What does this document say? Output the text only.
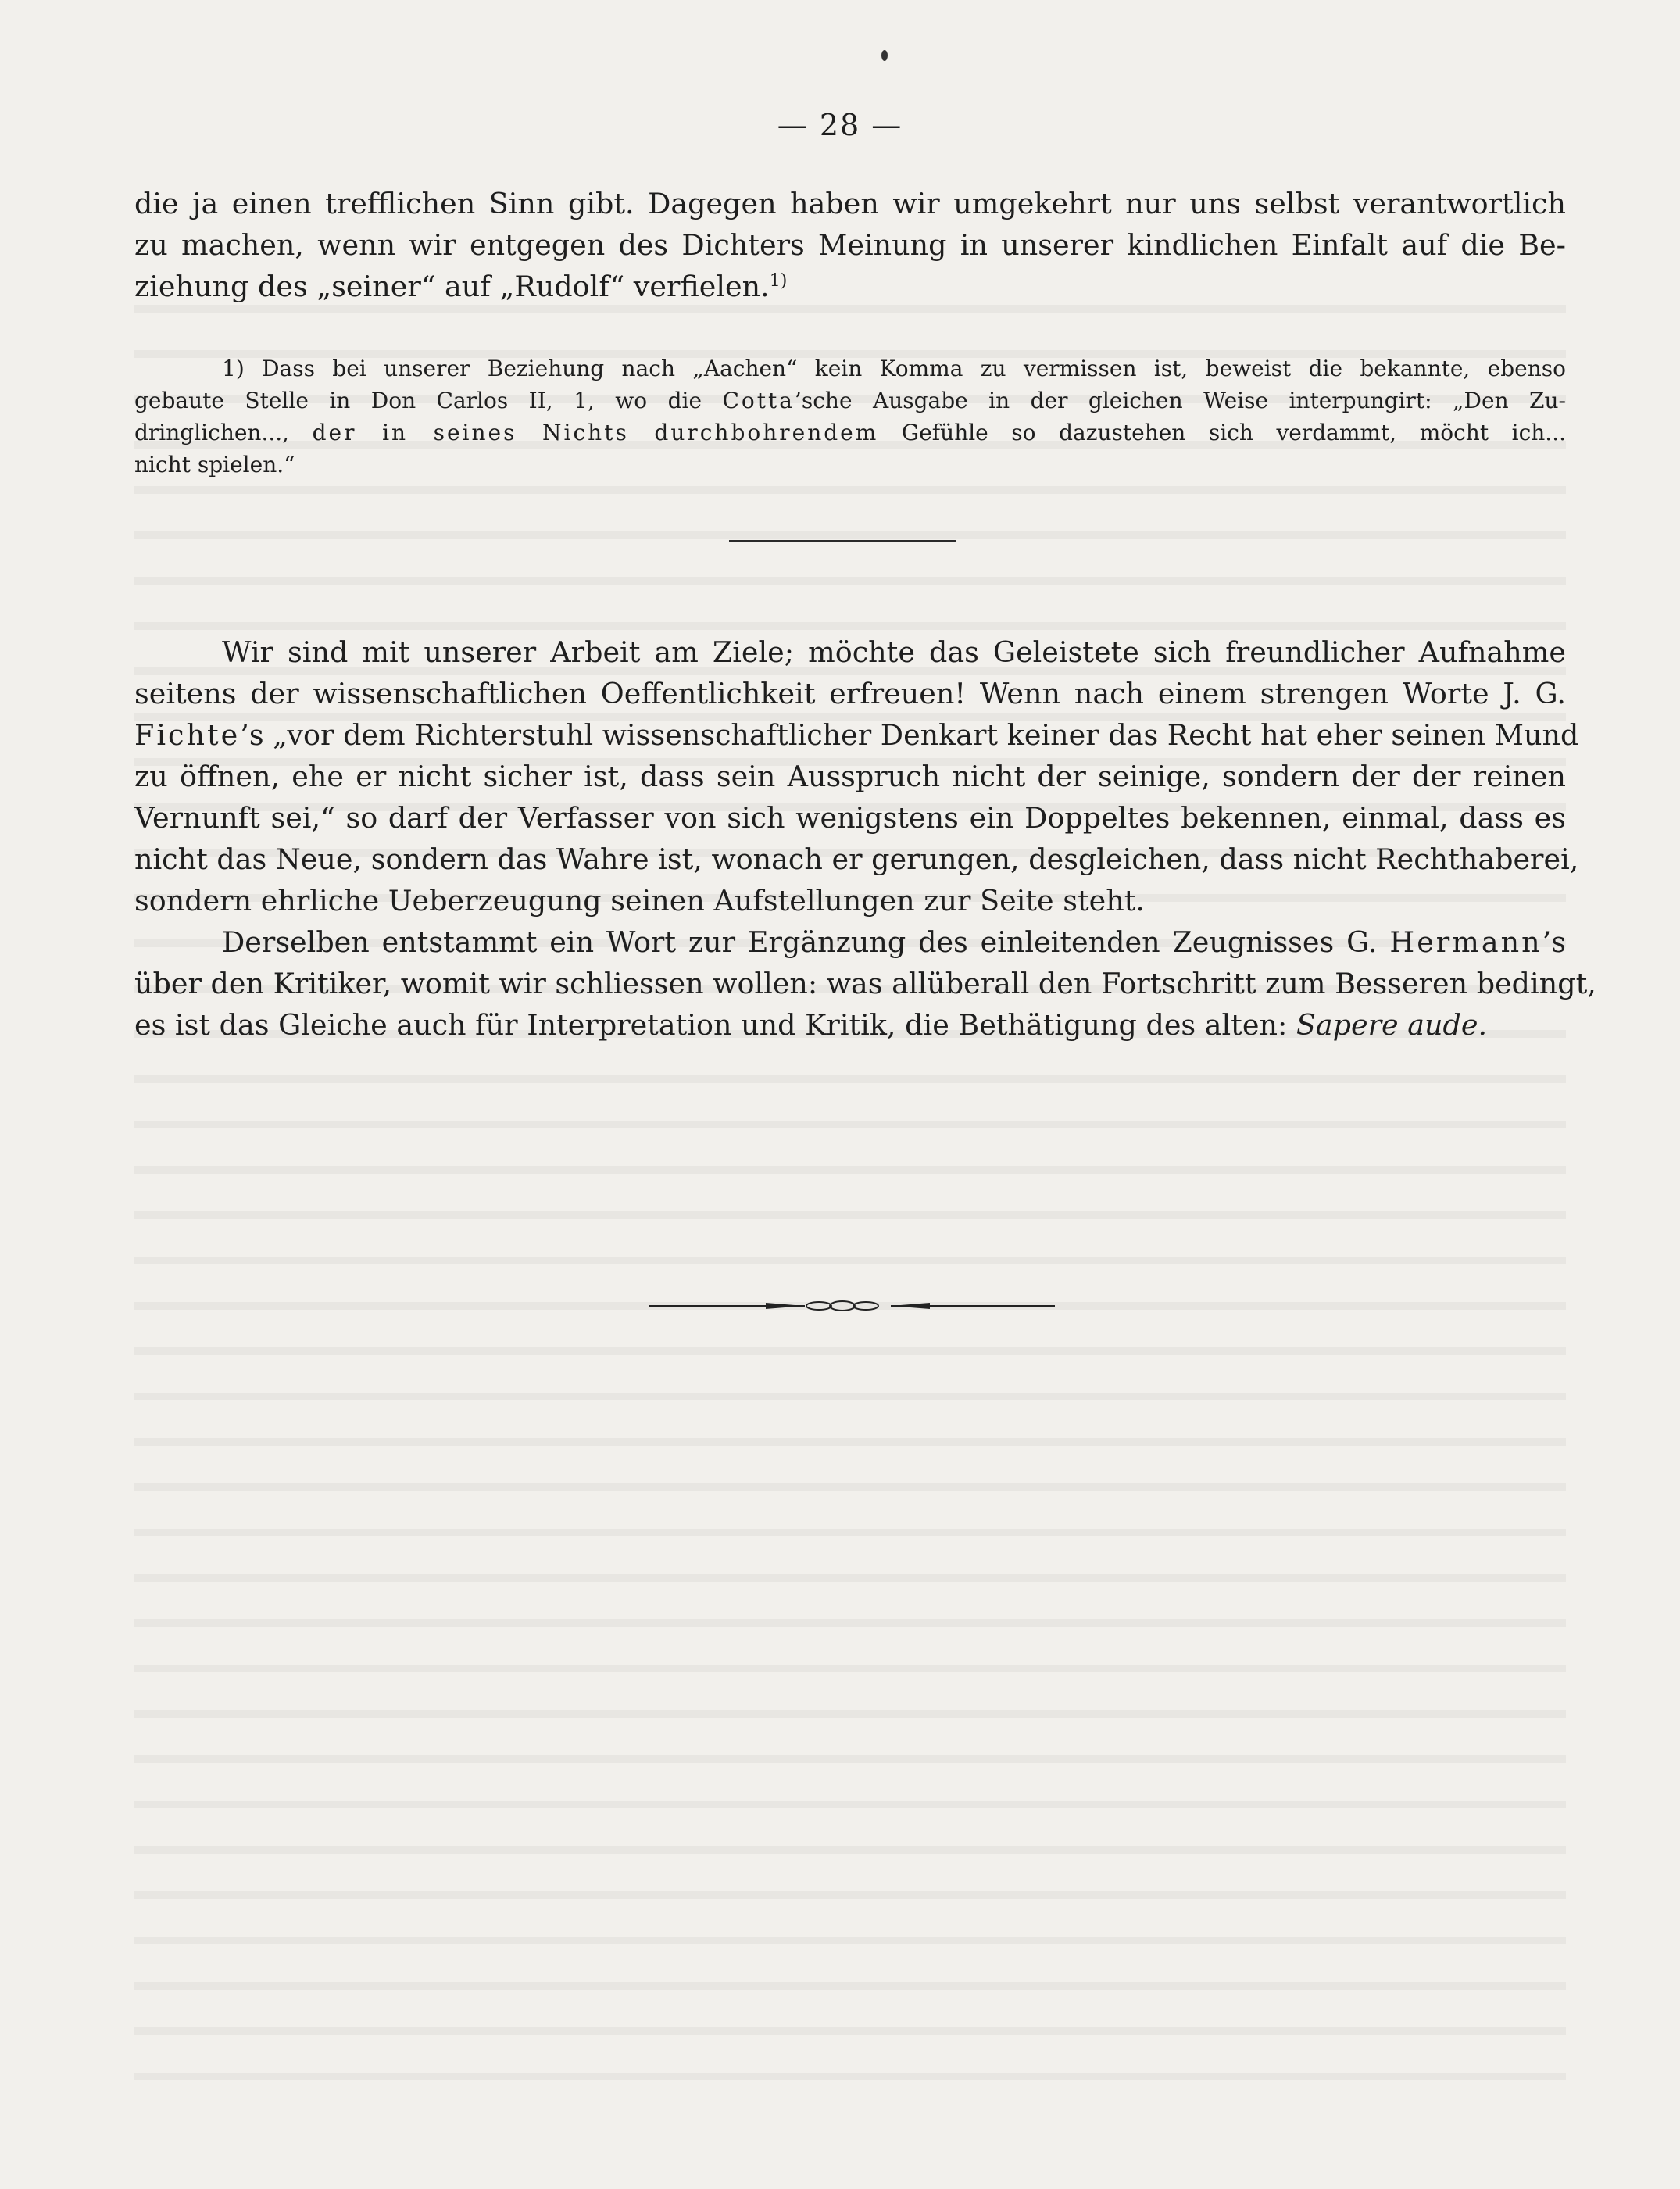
— 28 —
die ja einen trefflichen Sinn gibt. Dagegen haben wir umgekehrt nur uns selbst verantwortlich
zu machen, wenn wir entgegen des Dichters Meinung in unserer kindlichen Einfalt auf die Be-
ziehung des „seiner“ auf „Rudolf“ verfielen.$^{1)}$
1) Dass bei unserer Beziehung nach „Aachen“ kein Komma zu vermissen ist, beweist die bekannte, ebenso
gebaute Stelle in Don Carlos II, 1, wo die Cotta’sche Ausgabe in der gleichen Weise interpungirt: „Den Zu-
dringlichen..., der in seines Nichts durchbohrendem Gefühle so dazustehen sich verdammt, möcht ich...
nicht spielen.“
Wir sind mit unserer Arbeit am Ziele; möchte das Geleistete sich freundlicher Aufnahme
seitens der wissenschaftlichen Oeffentlichkeit erfreuen! Wenn nach einem strengen Worte J. G.
Fichte’s „vor dem Richterstuhl wissenschaftlicher Denkart keiner das Recht hat eher seinen Mund
zu öffnen, ehe er nicht sicher ist, dass sein Ausspruch nicht der seinige, sondern der der reinen
Vernunft sei,“ so darf der Verfasser von sich wenigstens ein Doppeltes bekennen, einmal, dass es
nicht das Neue, sondern das Wahre ist, wonach er gerungen, desgleichen, dass nicht Rechthaberei,
sondern ehrliche Ueberzeugung seinen Aufstellungen zur Seite steht.
Derselben entstammt ein Wort zur Ergänzung des einleitenden Zeugnisses G. Hermann’s
über den Kritiker, womit wir schliessen wollen: was allüberall den Fortschritt zum Besseren bedingt,
es ist das Gleiche auch für Interpretation und Kritik, die Bethätigung des alten: Sapere aude.
